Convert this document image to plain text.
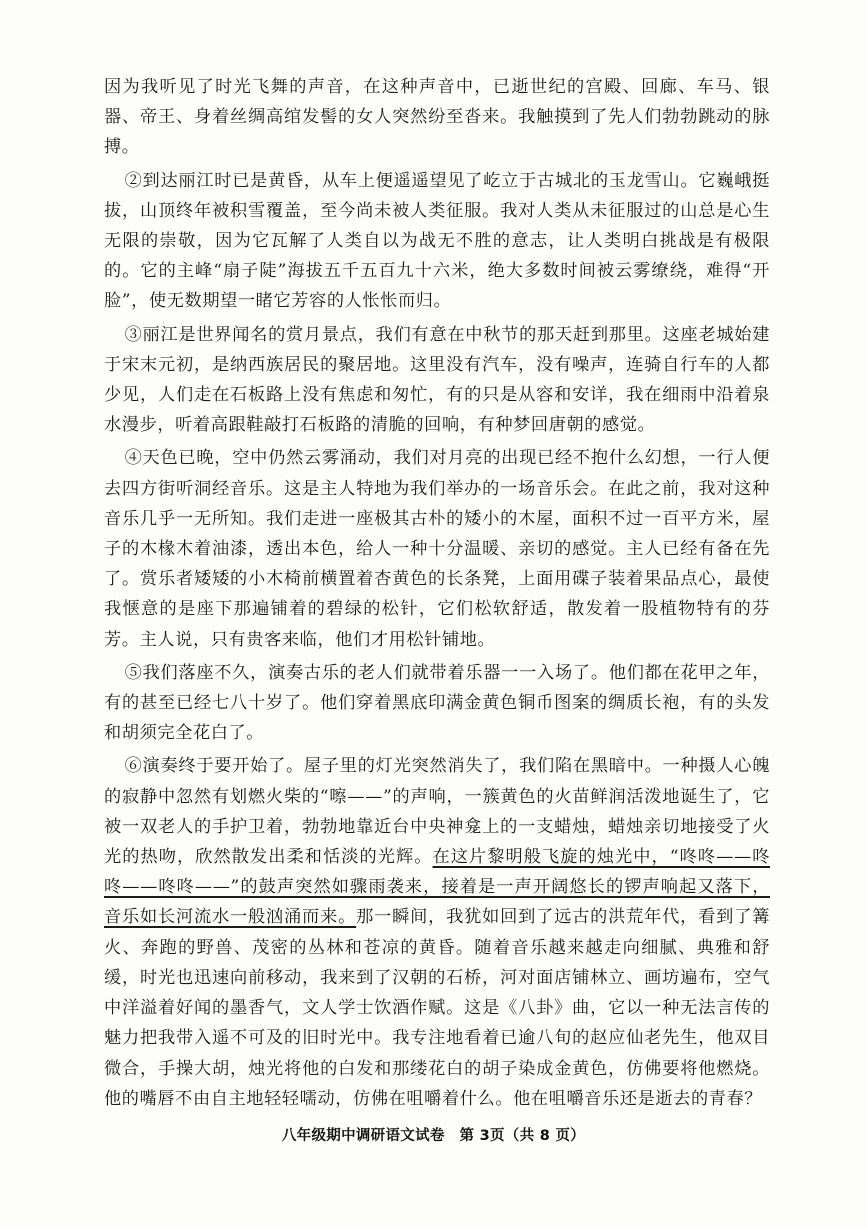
因为我听见了时光飞舞的声音，在这种声音中，已逝世纪的宫殿、回廊、车马、银器、帝王、身着丝绸高绾发髻的女人突然纷至沓来。我触摸到了先人们勃勃跳动的脉搏。

②到达丽江时已是黄昏，从车上便遥遥望见了屹立于古城北的玉龙雪山。它巍峨挺拔，山顶终年被积雪覆盖，至今尚未被人类征服。我对人类从未征服过的山总是心生无限的崇敬，因为它瓦解了人类自以为战无不胜的意志，让人类明白挑战是有极限的。它的主峰“扇子陡”海拔五千五百九十六米，绝大多数时间被云雾缭绕，难得“开脸”，使无数期望一睹它芳容的人怅怅而归。

③丽江是世界闻名的赏月景点，我们有意在中秋节的那天赶到那里。这座老城始建于宋末元初，是纳西族居民的聚居地。这里没有汽车，没有噪声，连骑自行车的人都少见，人们走在石板路上没有焦虑和匆忙，有的只是从容和安详，我在细雨中沿着泉水漫步，听着高跟鞋敲打石板路的清脆的回响，有种梦回唐朝的感觉。

④天色已晚，空中仍然云雾涌动，我们对月亮的出现已经不抱什么幻想，一行人便去四方街听洞经音乐。这是主人特地为我们举办的一场音乐会。在此之前，我对这种音乐几乎一无所知。我们走进一座极其古朴的矮小的木屋，面积不过一百平方米，屋子的木椽木着油漆，透出本色，给人一种十分温暖、亲切的感觉。主人已经有备在先了。赏乐者矮矮的小木椅前横置着杏黄色的长条凳，上面用碟子装着果品点心，最使我惬意的是座下那遍铺着的碧绿的松针，它们松软舒适，散发着一股植物特有的芬芳。主人说，只有贵客来临，他们才用松针铺地。

⑤我们落座不久，演奏古乐的老人们就带着乐器一一入场了。他们都在花甲之年，有的甚至已经七八十岁了。他们穿着黑底印满金黄色铜币图案的绸质长袍，有的头发和胡须完全花白了。

⑥演奏终于要开始了。屋子里的灯光突然消失了，我们陷在黑暗中。一种摄人心魄的寂静中忽然有划燃火柴的“嚓——”的声响，一簇黄色的火苗鲜润活泼地诞生了，它被一双老人的手护卫着，勃勃地靠近台中央神龛上的一支蜡烛，蜡烛亲切地接受了火光的热吻，欣然散发出柔和恬淡的光辉。在这片黎明般飞旋的烛光中，“咚咚——咚咚——咚咚——”的鼓声突然如骤雨袭来，接着是一声开阔悠长的锣声响起又落下，音乐如长河流水一般汹涌而来。那一瞬间，我犹如回到了远古的洪荒年代，看到了篝火、奔跑的野兽、茂密的丛林和苍凉的黄昏。随着音乐越来越走向细腻、典雅和舒缓，时光也迅速向前移动，我来到了汉朝的石桥，河对面店铺林立、画坊遍布，空气中洋溢着好闻的墨香气，文人学士饮酒作赋。这是《八卦》曲，它以一种无法言传的魅力把我带入遥不可及的旧时光中。我专注地看着已逾八旬的赵应仙老先生，他双目微合，手操大胡，烛光将他的白发和那缕花白的胡子染成金黄色，仿佛要将他燃烧。他的嘴唇不由自主地轻轻嚅动，仿佛在咀嚼着什么。他在咀嚼音乐还是逝去的青春？

八年级期中调研语文试卷　第 3页（共 8 页）
